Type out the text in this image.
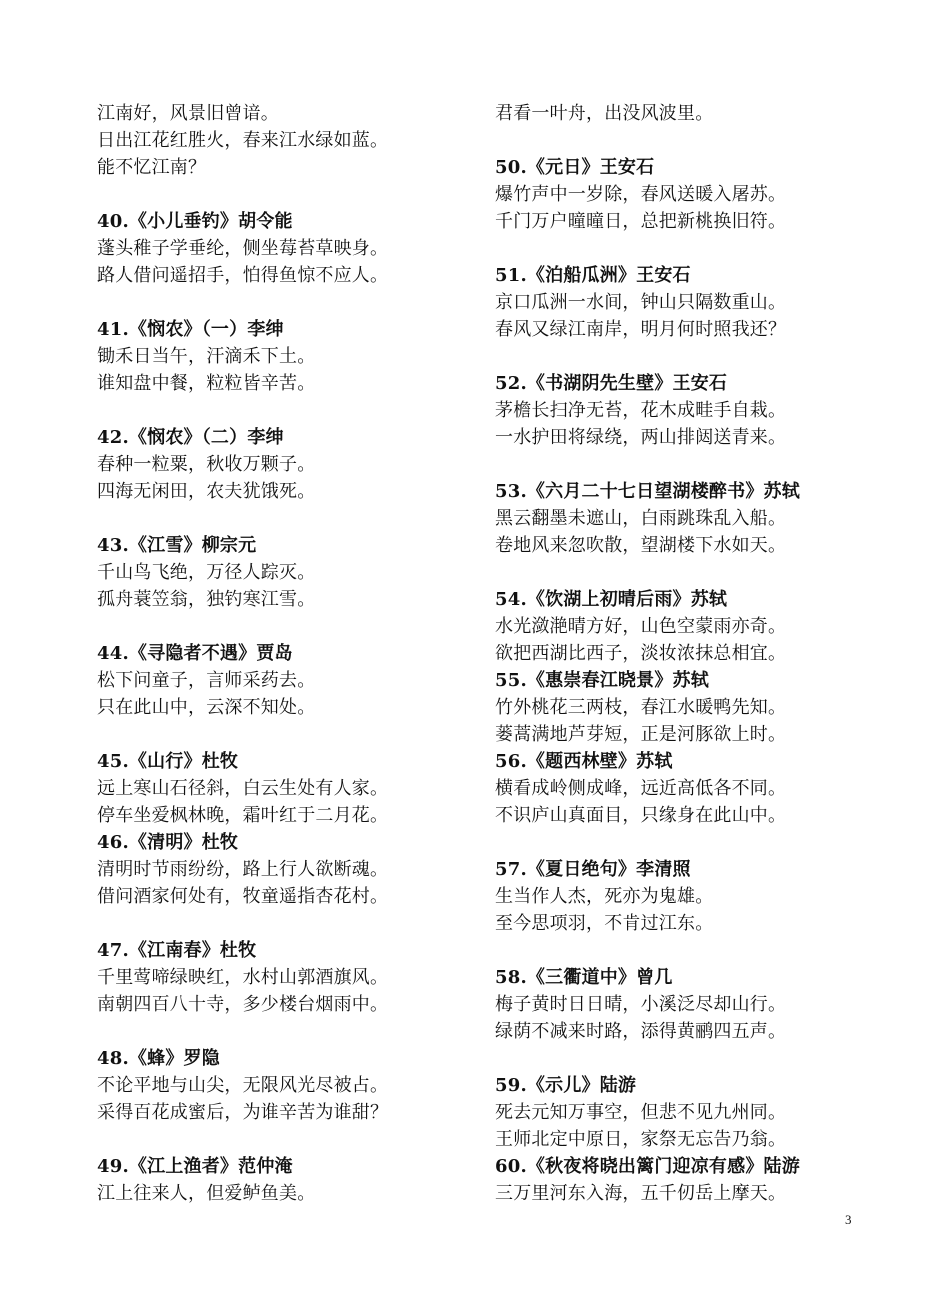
江南好，风景旧曾谙。
日出江花红胜火，春来江水绿如蓝。
能不忆江南？
40.《小儿垂钓》胡令能
蓬头稚子学垂纶，侧坐莓苔草映身。
路人借问遥招手，怕得鱼惊不应人。
41.《悯农》（一）李绅
锄禾日当午，汗滴禾下土。
谁知盘中餐，粒粒皆辛苦。
42.《悯农》（二）李绅
春种一粒粟，秋收万颗子。
四海无闲田，农夫犹饿死。
43.《江雪》柳宗元
千山鸟飞绝，万径人踪灭。
孤舟蓑笠翁，独钓寒江雪。
44.《寻隐者不遇》贾岛
松下问童子，言师采药去。
只在此山中，云深不知处。
45.《山行》杜牧
远上寒山石径斜，白云生处有人家。
停车坐爱枫林晚，霜叶红于二月花。
46.《清明》杜牧
清明时节雨纷纷，路上行人欲断魂。
借问酒家何处有，牧童遥指杏花村。
47.《江南春》杜牧
千里莺啼绿映红，水村山郭酒旗风。
南朝四百八十寺，多少楼台烟雨中。
48.《蜂》罗隐
不论平地与山尖，无限风光尽被占。
采得百花成蜜后，为谁辛苦为谁甜？
49.《江上渔者》范仲淹
江上往来人，但爱鲈鱼美。
君看一叶舟，出没风波里。
50.《元日》王安石
爆竹声中一岁除，春风送暖入屠苏。
千门万户曈曈日，总把新桃换旧符。
51.《泊船瓜洲》王安石
京口瓜洲一水间，钟山只隔数重山。
春风又绿江南岸，明月何时照我还？
52.《书湖阴先生壁》王安石
茅檐长扫净无苔，花木成畦手自栽。
一水护田将绿绕，两山排闼送青来。
53.《六月二十七日望湖楼醉书》苏轼
黑云翻墨未遮山，白雨跳珠乱入船。
卷地风来忽吹散，望湖楼下水如天。
54.《饮湖上初晴后雨》苏轼
水光潋滟晴方好，山色空蒙雨亦奇。
欲把西湖比西子，淡妆浓抹总相宜。
55.《惠崇春江晓景》苏轼
竹外桃花三两枝，春江水暖鸭先知。
蒌蒿满地芦芽短，正是河豚欲上时。
56.《题西林壁》苏轼
横看成岭侧成峰，远近高低各不同。
不识庐山真面目，只缘身在此山中。
57.《夏日绝句》李清照
生当作人杰，死亦为鬼雄。
至今思项羽，不肯过江东。
58.《三衢道中》曾几
梅子黄时日日晴，小溪泛尽却山行。
绿荫不减来时路，添得黄鹂四五声。
59.《示儿》陆游
死去元知万事空，但悲不见九州同。
王师北定中原日，家祭无忘告乃翁。
60.《秋夜将晓出篱门迎凉有感》陆游
三万里河东入海，五千仞岳上摩天。
3
